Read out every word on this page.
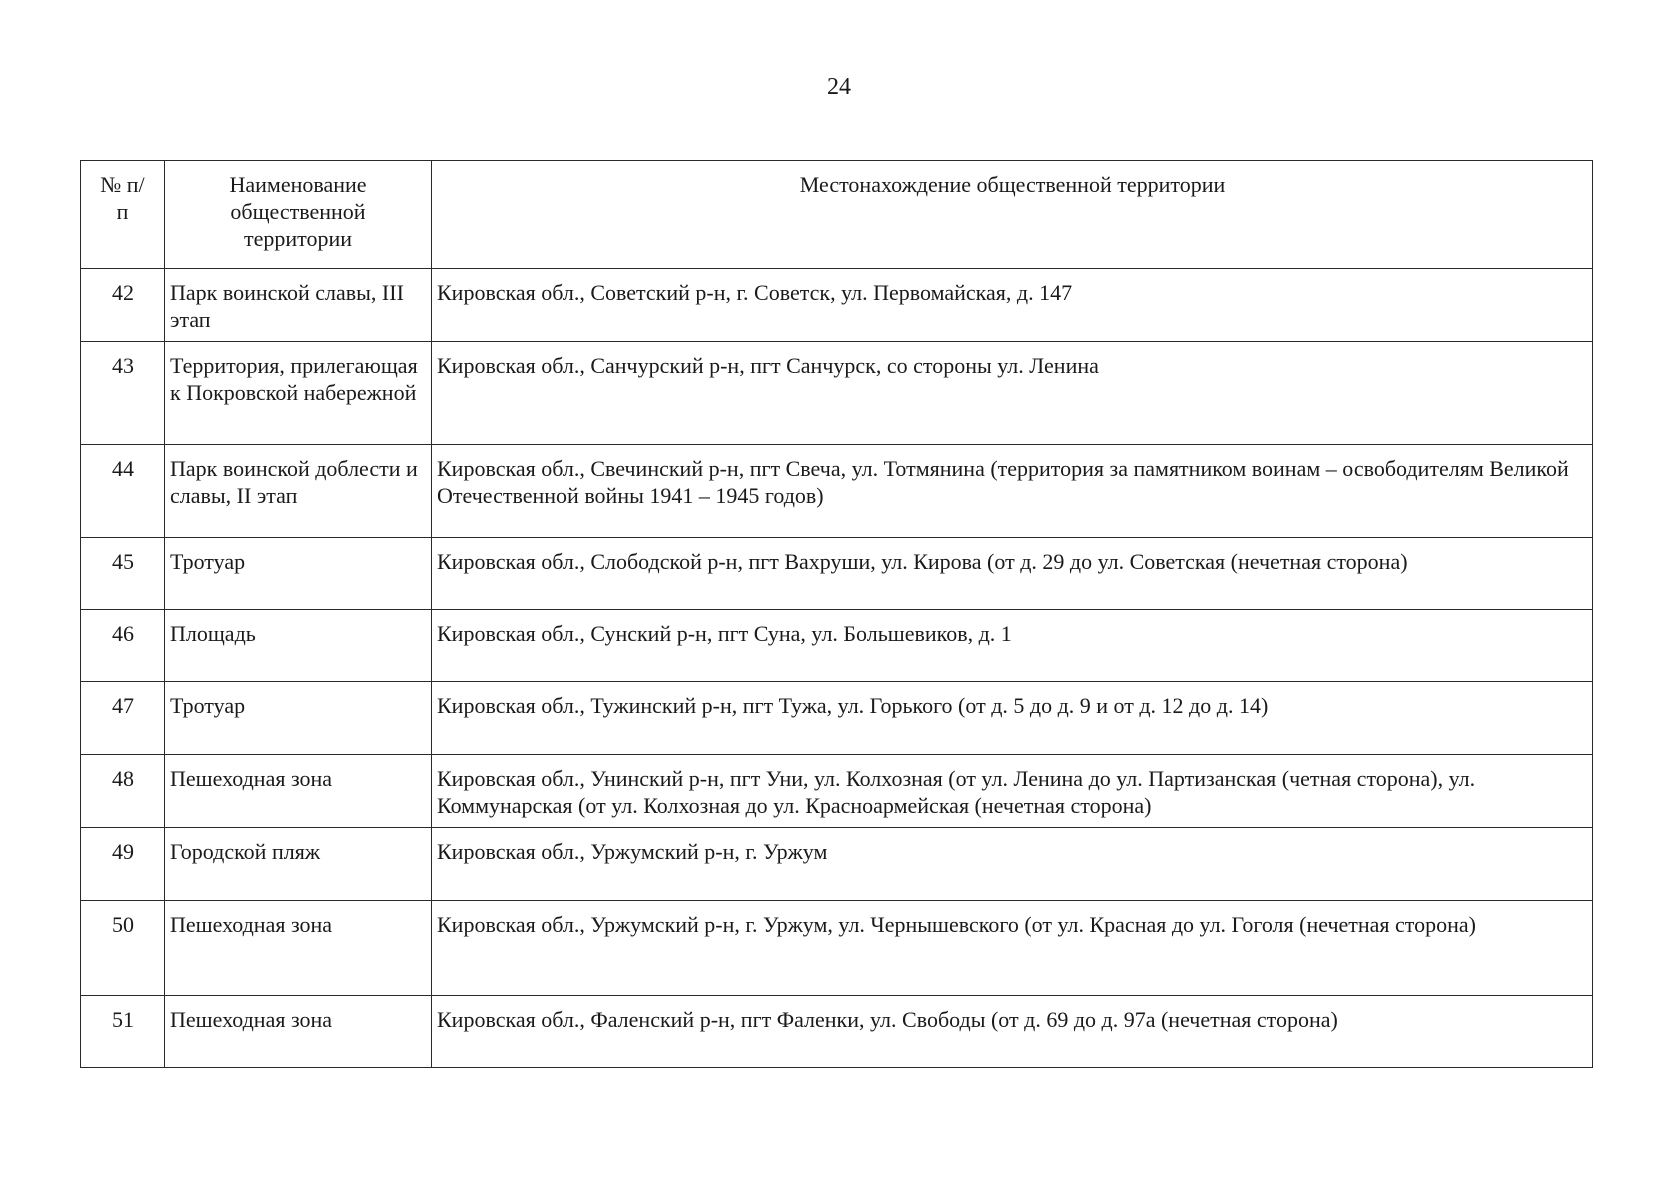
24
№ п/п	Наименование общественной территории	Местонахождение общественной территории
42	Парк воинской славы, III этап	Кировская обл., Советский р-н, г. Советск, ул. Первомайская, д. 147
43	Территория, прилегающая к Покровской набережной	Кировская обл., Санчурский р-н, пгт Санчурск, со стороны ул. Ленина
44	Парк воинской доблести и славы, II этап	Кировская обл., Свечинский р-н, пгт Свеча, ул. Тотмянина (территория за памятником воинам – освободителям Великой Отечественной войны 1941 – 1945 годов)
45	Тротуар	Кировская обл., Слободской р-н, пгт Вахруши, ул. Кирова (от д. 29 до ул. Советская (нечетная сторона)
46	Площадь	Кировская обл., Сунский р-н, пгт Суна, ул. Большевиков, д. 1
47	Тротуар	Кировская обл., Тужинский р-н, пгт Тужа, ул. Горького (от д. 5 до д. 9 и от д. 12 до д. 14)
48	Пешеходная зона	Кировская обл., Унинский р-н, пгт Уни, ул. Колхозная (от ул. Ленина до ул. Партизанская (четная сторона), ул. Коммунарская (от ул. Колхозная до ул. Красноармейская (нечетная сторона)
49	Городской пляж	Кировская обл., Уржумский р-н, г. Уржум
50	Пешеходная зона	Кировская обл., Уржумский р-н, г. Уржум, ул. Чернышевского (от ул. Красная до ул. Гоголя (нечетная сторона)
51	Пешеходная зона	Кировская обл., Фаленский р-н, пгт Фаленки, ул. Свободы (от д. 69 до д. 97а (нечетная сторона)
